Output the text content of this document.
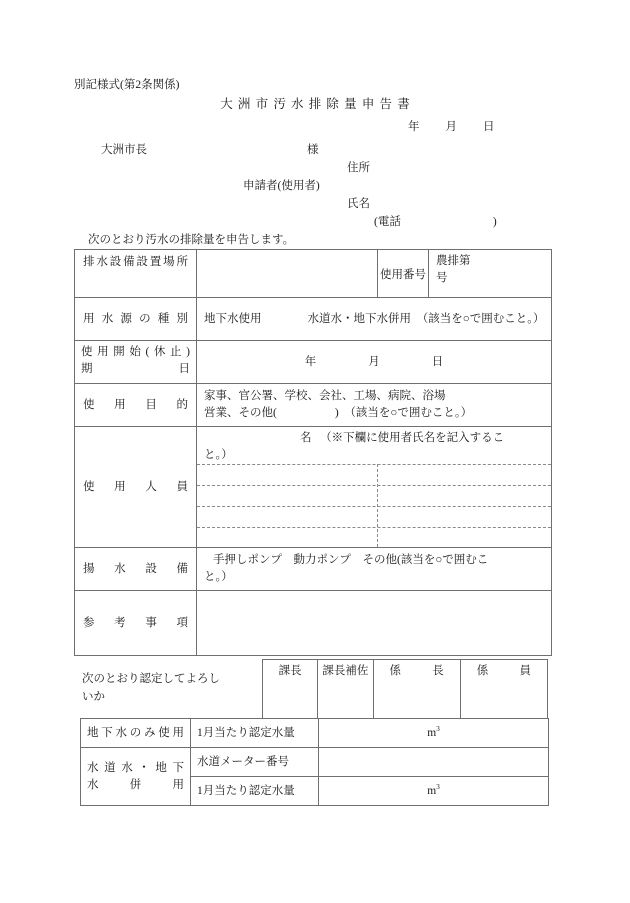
別記様式(第2条関係)
大洲市汚水排除量申告書
年 月 日
大洲市長	様
住所
申請者(使用者)
氏名
(電話	)
次のとおり汚水の排除量を申告します。
排水設備設置場所		使用番号	農排第
号

用水源の種別	地下水使用　　　　水道水・地下水併用　（該当を○で囲むこと。）		

使用開始(休止)
期 日	年 月 日		
使用目的	家事、官公署、学校、会社、工場、病院、浴場
営業、その他( )　（該当を○で囲むこと。）		

使用人員	名 （※下欄に使用者氏名を記入するこ
と。）		

揚水設備	手押しポンプ　動力ポンプ　その他(該当を○で囲むこ
と。）		

参考事項			
次のとおり認定してよろし
いか
課長	課長補佐	係長	係員
地下水のみ使用	1月当たり認定水量	$m^3$

水道水・地下
水 併 用	水道メーター番号	
	1月当たり認定水量	$m^3$
